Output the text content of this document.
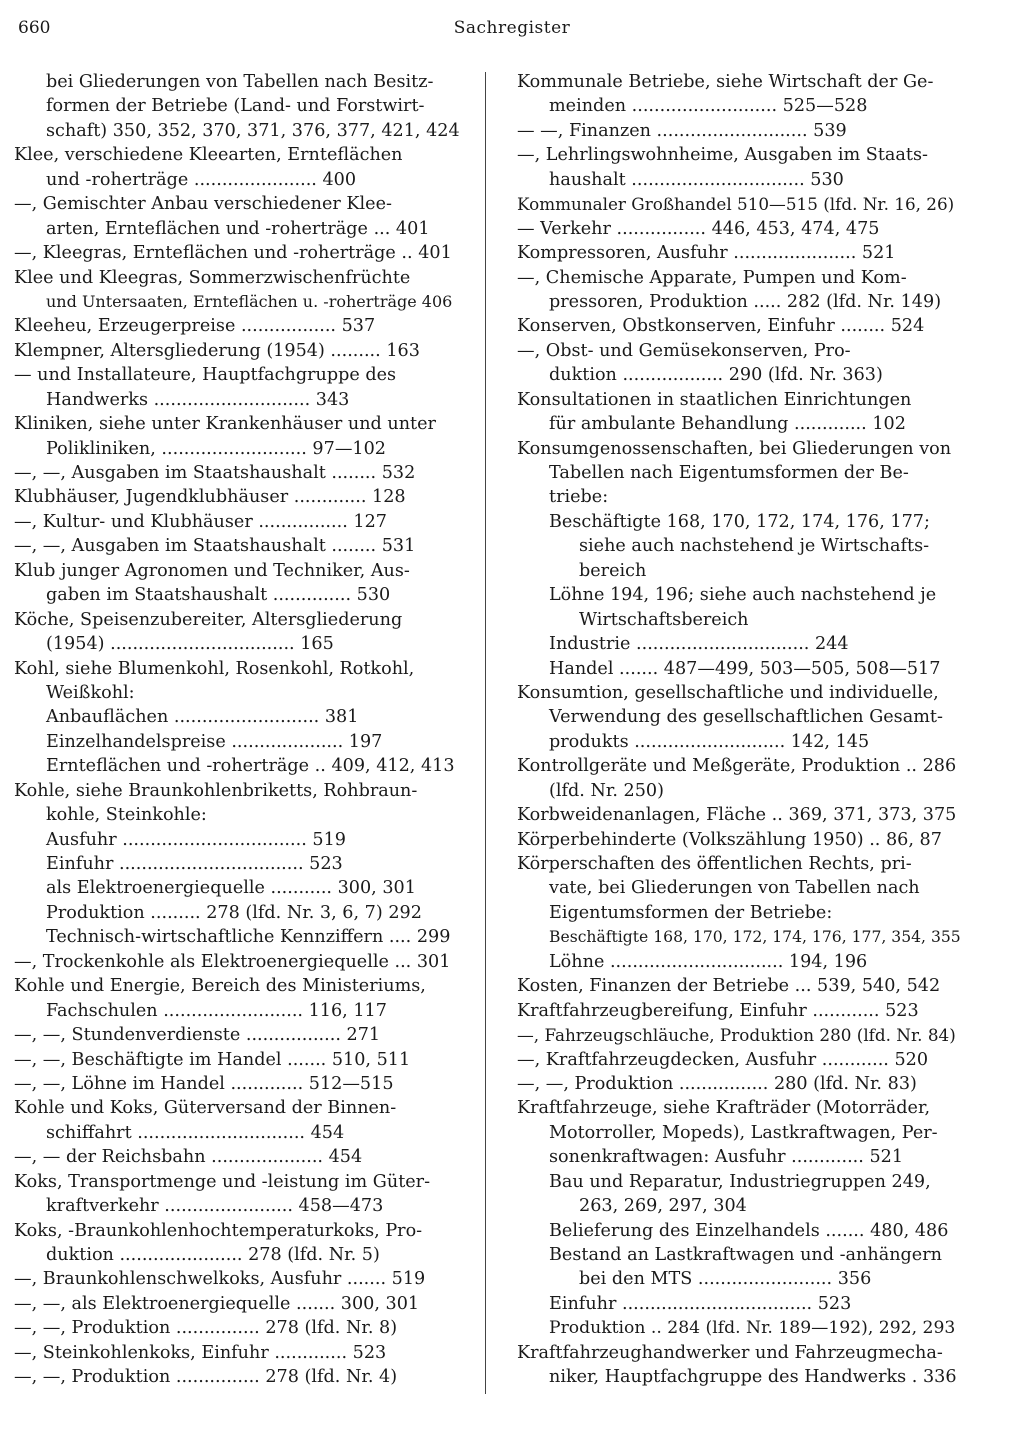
660	Sachregister
bei Gliederungen von Tabellen nach Besitz-
formen der Betriebe (Land- und Forstwirt-
schaft) 350, 352, 370, 371, 376, 377, 421, 424
Klee, verschiedene Kleearten, Ernteflächen
und -roherträge ...................... 400
—, Gemischter Anbau verschiedener Klee-
arten, Ernteflächen und -roherträge ... 401
—, Kleegras, Ernteflächen und -roherträge .. 401
Klee und Kleegras, Sommerzwischenfrüchte
und Untersaaten, Ernteflächen u. -roherträge 406
Kleeheu, Erzeugerpreise ................. 537
Klempner, Altersgliederung (1954) ......... 163
— und Installateure, Hauptfachgruppe des
Handwerks ............................ 343
Kliniken, siehe unter Krankenhäuser und unter
Polikliniken, .......................... 97—102
—, —, Ausgaben im Staatshaushalt ........ 532
Klubhäuser, Jugendklubhäuser ............. 128
—, Kultur- und Klubhäuser ................ 127
—, —, Ausgaben im Staatshaushalt ........ 531
Klub junger Agronomen und Techniker, Aus-
gaben im Staatshaushalt .............. 530
Köche, Speisenzubereiter, Altersgliederung
(1954) ................................. 165
Kohl, siehe Blumenkohl, Rosenkohl, Rotkohl,
Weißkohl:
Anbauflächen .......................... 381
Einzelhandelspreise .................... 197
Ernteflächen und -roherträge .. 409, 412, 413
Kohle, siehe Braunkohlenbriketts, Rohbraun-
kohle, Steinkohle:
Ausfuhr ................................. 519
Einfuhr ................................. 523
als Elektroenergiequelle ........... 300, 301
Produktion ......... 278 (lfd. Nr. 3, 6, 7) 292
Technisch-wirtschaftliche Kennziffern .... 299
—, Trockenkohle als Elektroenergiequelle ... 301
Kohle und Energie, Bereich des Ministeriums,
Fachschulen ......................... 116, 117
—, —, Stundenverdienste ................. 271
—, —, Beschäftigte im Handel ....... 510, 511
—, —, Löhne im Handel ............. 512—515
Kohle und Koks, Güterversand der Binnen-
schiffahrt .............................. 454
—, — der Reichsbahn .................... 454
Koks, Transportmenge und -leistung im Güter-
kraftverkehr ....................... 458—473
Koks, -Braunkohlenhochtemperaturkoks, Pro-
duktion ...................... 278 (lfd. Nr. 5)
—, Braunkohlenschwelkoks, Ausfuhr ....... 519
—, —, als Elektroenergiequelle ....... 300, 301
—, —, Produktion ............... 278 (lfd. Nr. 8)
—, Steinkohlenkoks, Einfuhr ............. 523
—, —, Produktion ............... 278 (lfd. Nr. 4)
Kommunale Betriebe, siehe Wirtschaft der Ge-
meinden .......................... 525—528
— —, Finanzen ........................... 539
—, Lehrlingswohnheime, Ausgaben im Staats-
haushalt ............................... 530
Kommunaler Großhandel 510—515 (lfd. Nr. 16, 26)
— Verkehr ................ 446, 453, 474, 475
Kompressoren, Ausfuhr ...................... 521
—, Chemische Apparate, Pumpen und Kom-
pressoren, Produktion ..... 282 (lfd. Nr. 149)
Konserven, Obstkonserven, Einfuhr ........ 524
—, Obst- und Gemüsekonserven, Pro-
duktion .................. 290 (lfd. Nr. 363)
Konsultationen in staatlichen Einrichtungen
für ambulante Behandlung ............. 102
Konsumgenossenschaften, bei Gliederungen von
Tabellen nach Eigentumsformen der Be-
triebe:
Beschäftigte 168, 170, 172, 174, 176, 177;
siehe auch nachstehend je Wirtschafts-
bereich
Löhne 194, 196; siehe auch nachstehend je
Wirtschaftsbereich
Industrie ............................... 244
Handel ....... 487—499, 503—505, 508—517
Konsumtion, gesellschaftliche und individuelle,
Verwendung des gesellschaftlichen Gesamt-
produkts ........................... 142, 145
Kontrollgeräte und Meßgeräte, Produktion .. 286
(lfd. Nr. 250)
Korbweidenanlagen, Fläche .. 369, 371, 373, 375
Körperbehinderte (Volkszählung 1950) .. 86, 87
Körperschaften des öffentlichen Rechts, pri-
vate, bei Gliederungen von Tabellen nach
Eigentumsformen der Betriebe:
Beschäftigte 168, 170, 172, 174, 176, 177, 354, 355
Löhne ............................... 194, 196
Kosten, Finanzen der Betriebe ... 539, 540, 542
Kraftfahrzeugbereifung, Einfuhr ............ 523
—, Fahrzeugschläuche, Produktion 280 (lfd. Nr. 84)
—, Kraftfahrzeugdecken, Ausfuhr ............ 520
—, —, Produktion ................ 280 (lfd. Nr. 83)
Kraftfahrzeuge, siehe Krafträder (Motorräder,
Motorroller, Mopeds), Lastkraftwagen, Per-
sonenkraftwagen: Ausfuhr ............. 521
Bau und Reparatur, Industriegruppen 249,
263, 269, 297, 304
Belieferung des Einzelhandels ....... 480, 486
Bestand an Lastkraftwagen und -anhängern
bei den MTS ........................ 356
Einfuhr .................................. 523
Produktion .. 284 (lfd. Nr. 189—192), 292, 293
Kraftfahrzeughandwerker und Fahrzeugmecha-
niker, Hauptfachgruppe des Handwerks . 336
